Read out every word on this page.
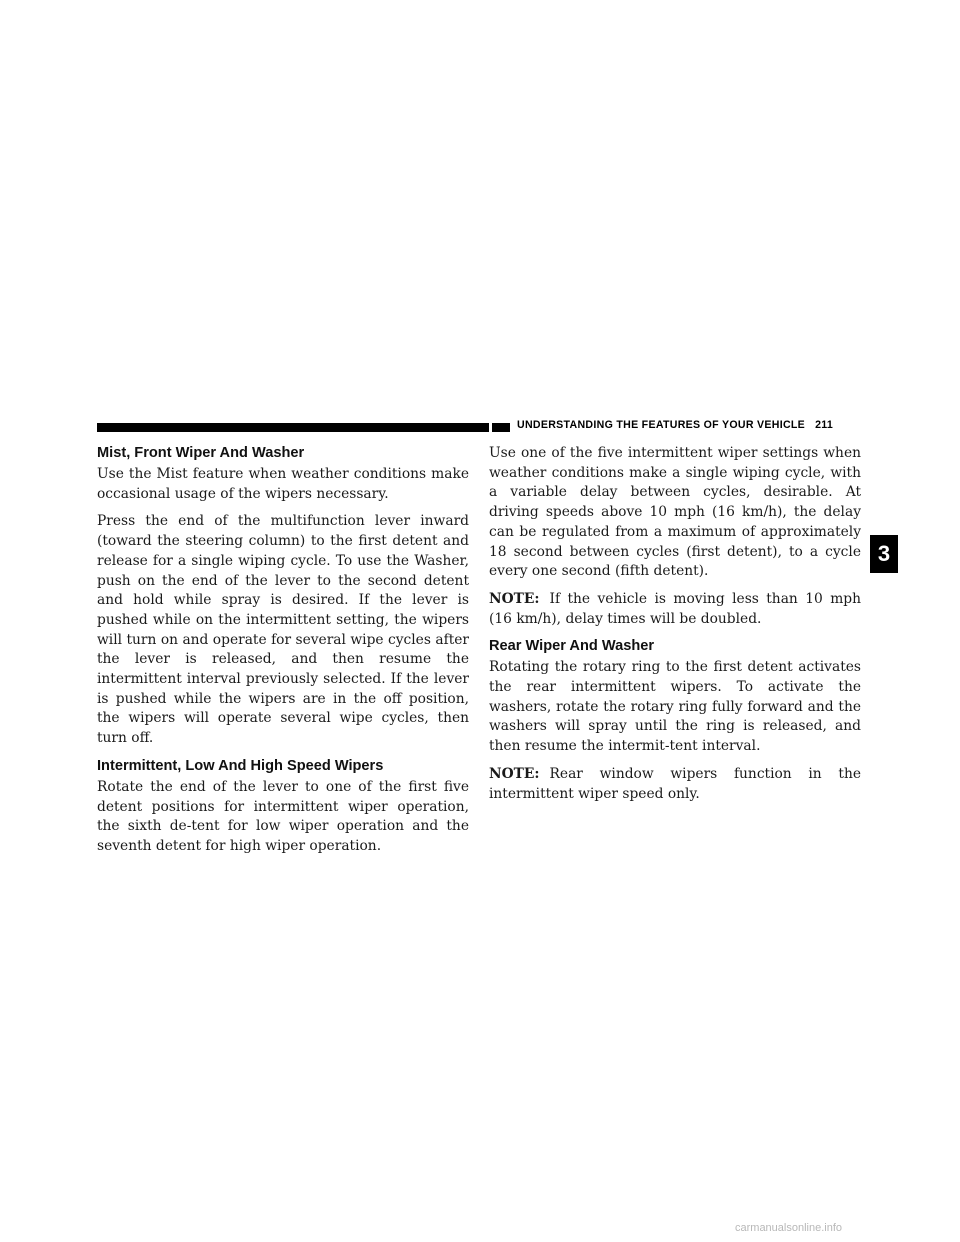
UNDERSTANDING THE FEATURES OF YOUR VEHICLE 211
Mist, Front Wiper And Washer

Use the Mist feature when weather conditions make occasional usage of the wipers necessary.

Press the end of the multifunction lever inward (toward the steering column) to the first detent and release for a single wiping cycle. To use the Washer, push on the end of the lever to the second detent and hold while spray is desired. If the lever is pushed while on the intermittent setting, the wipers will turn on and operate for several wipe cycles after the lever is released, and then resume the intermittent interval previously selected. If the lever is pushed while the wipers are in the off position, the wipers will operate several wipe cycles, then turn off.

Intermittent, Low And High Speed Wipers

Rotate the end of the lever to one of the first five detent positions for intermittent wiper operation, the sixth de-tent for low wiper operation and the seventh detent for high wiper operation.

Use one of the five intermittent wiper settings when weather conditions make a single wiping cycle, with a variable delay between cycles, desirable. At driving speeds above 10 mph (16 km/h), the delay can be regulated from a maximum of approximately 18 second between cycles (first detent), to a cycle every one second (fifth detent).

NOTE: If the vehicle is moving less than 10 mph (16 km/h), delay times will be doubled.

Rear Wiper And Washer

Rotating the rotary ring to the first detent activates the rear intermittent wipers. To activate the washers, rotate the rotary ring fully forward and the washers will spray until the ring is released, and then resume the intermit-tent interval.

NOTE: Rear window wipers function in the intermittent wiper speed only.

3
carmanualsonline.info
